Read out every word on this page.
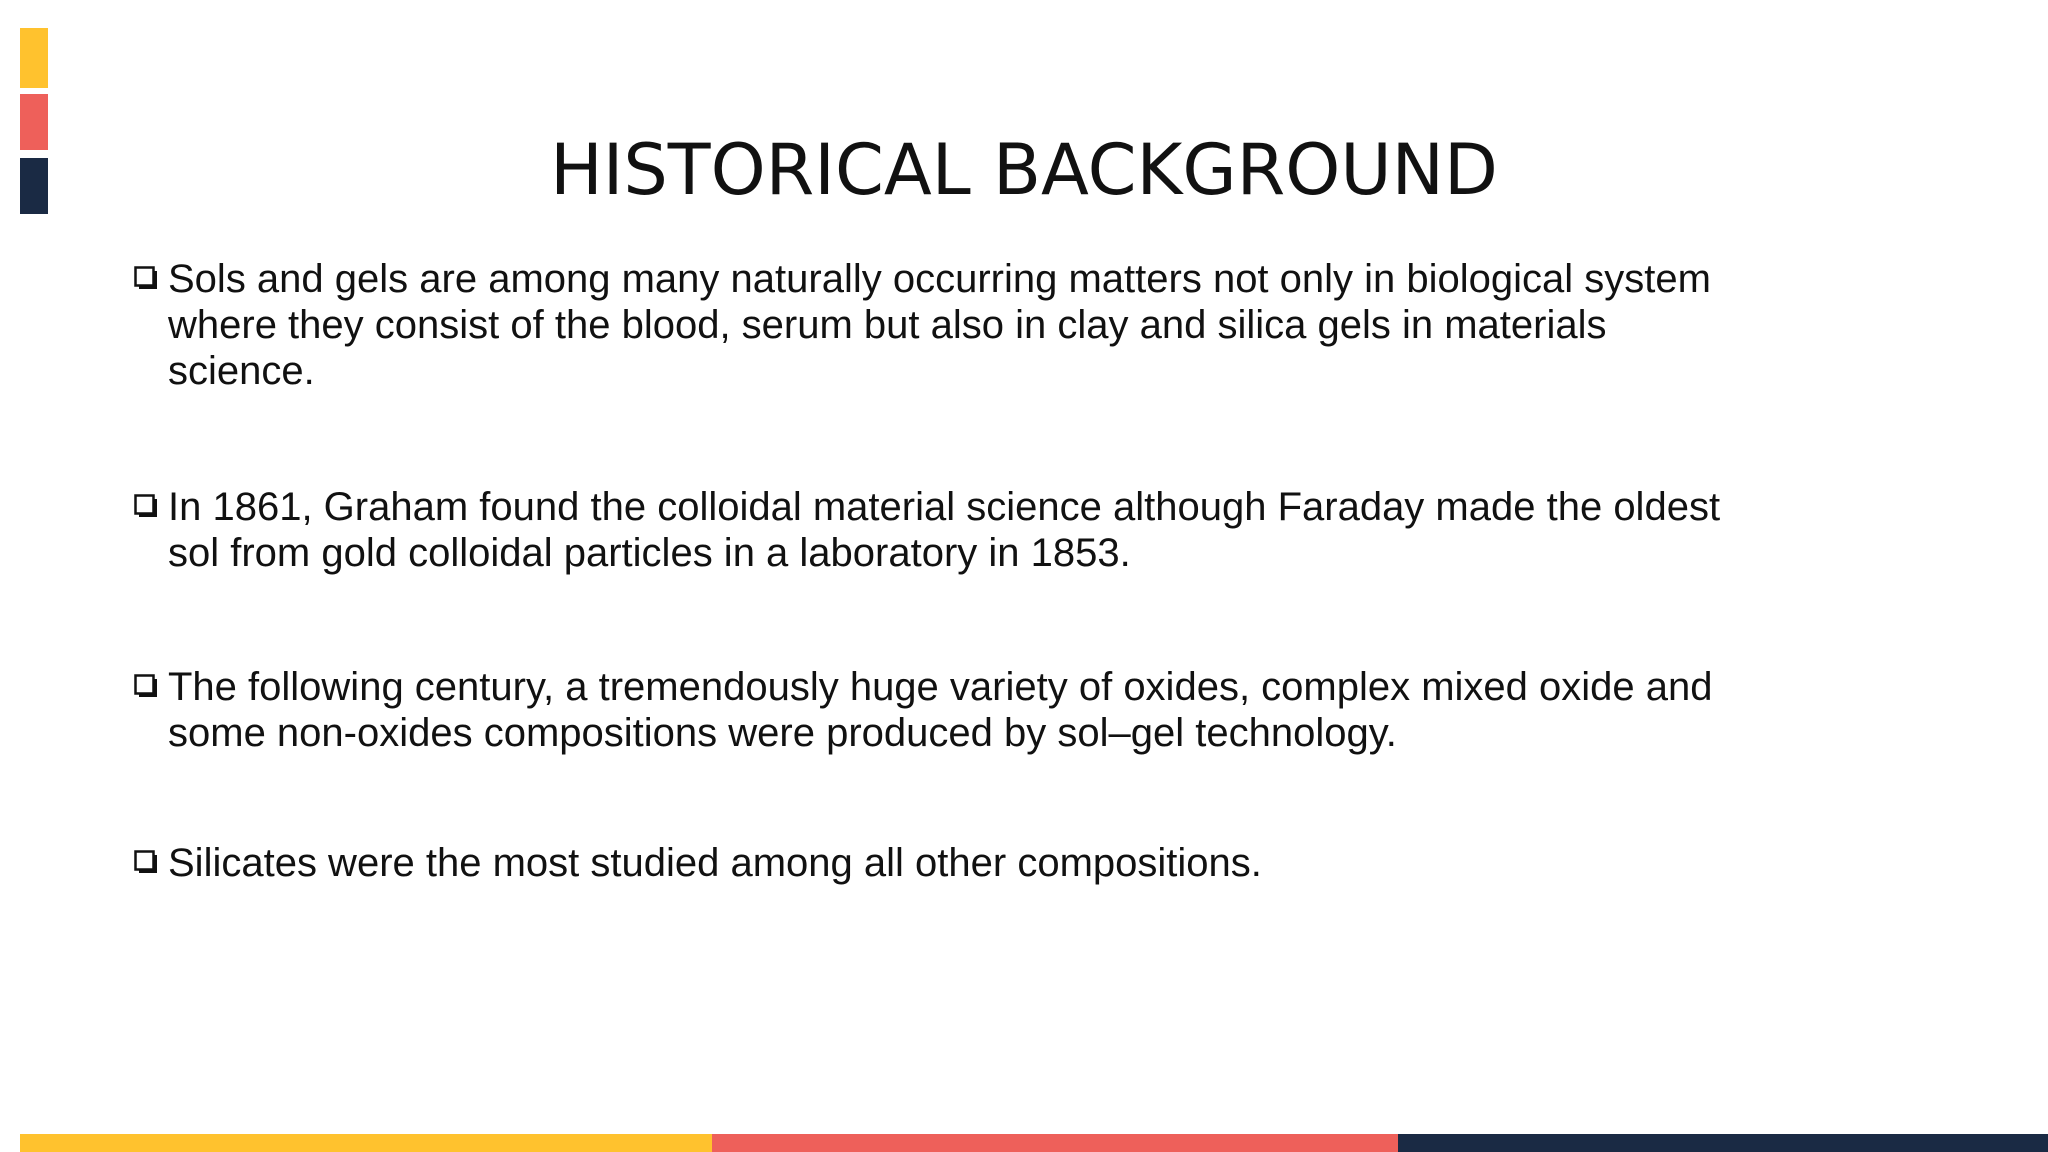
HISTORICAL BACKGROUND
Sols and gels are among many naturally occurring matters not only in biological system where they consist of the blood, serum but also in clay and silica gels in materials science.
In 1861, Graham found the colloidal material science although Faraday made the oldest sol from gold colloidal particles in a laboratory in 1853.
The following century, a tremendously huge variety of oxides, complex mixed oxide and some non-oxides compositions were produced by sol–gel technology.
Silicates were the most studied among all other compositions.
